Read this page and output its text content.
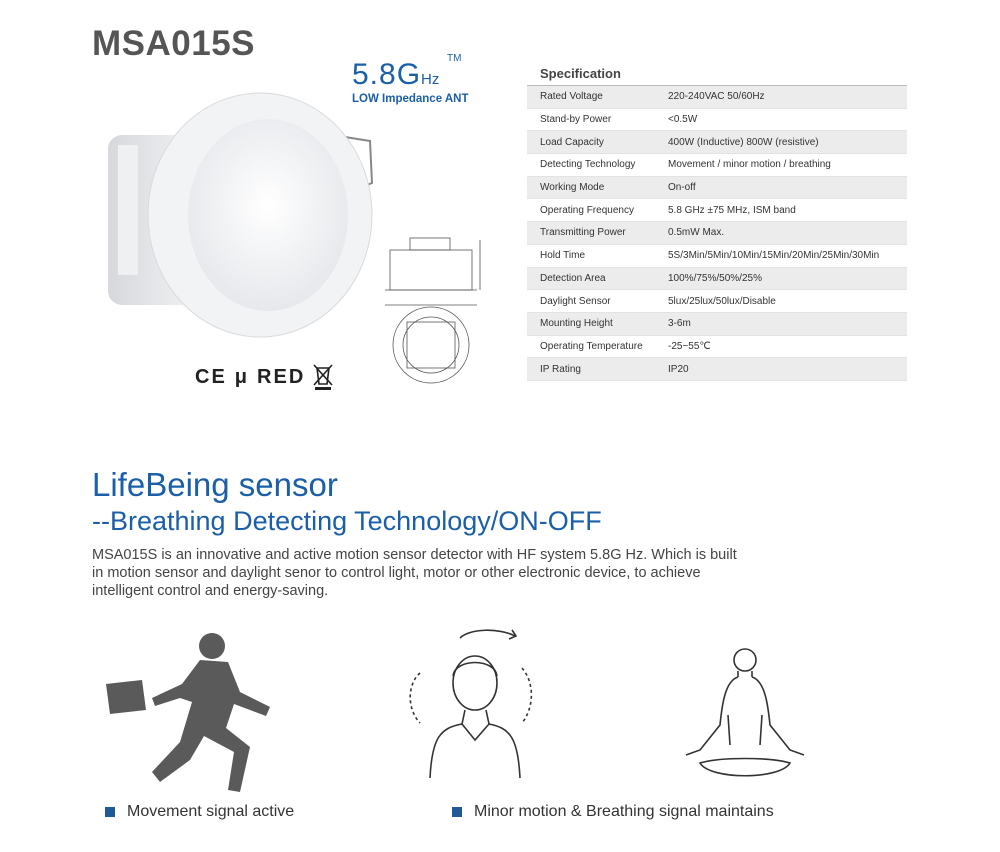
MSA015S
5.8GHz
TM
LOW Impedance ANT
CE μ RED
Specification
Rated Voltage	220-240VAC 50/60Hz
Stand-by Power	<0.5W
Load Capacity	400W (Inductive) 800W (resistive)
Detecting Technology	Movement / minor motion / breathing
Working Mode	On-off
Operating Frequency	5.8 GHz ±75 MHz, ISM band
Transmitting Power	0.5mW Max.
Hold Time	5S/3Min/5Min/10Min/15Min/20Min/25Min/30Min
Detection Area	100%/75%/50%/25%
Daylight Sensor	5lux/25lux/50lux/Disable
Mounting Height	3-6m
Operating Temperature	-25~55℃
IP Rating	IP20
LifeBeing sensor
--Breathing Detecting Technology/ON-OFF
MSA015S is an innovative and active motion sensor detector with HF system 5.8G Hz. Which is built in motion sensor and daylight senor to control light, motor or other electronic device, to achieve intelligent control and energy-saving.
Movement signal active	Minor motion & Breathing signal maintains
